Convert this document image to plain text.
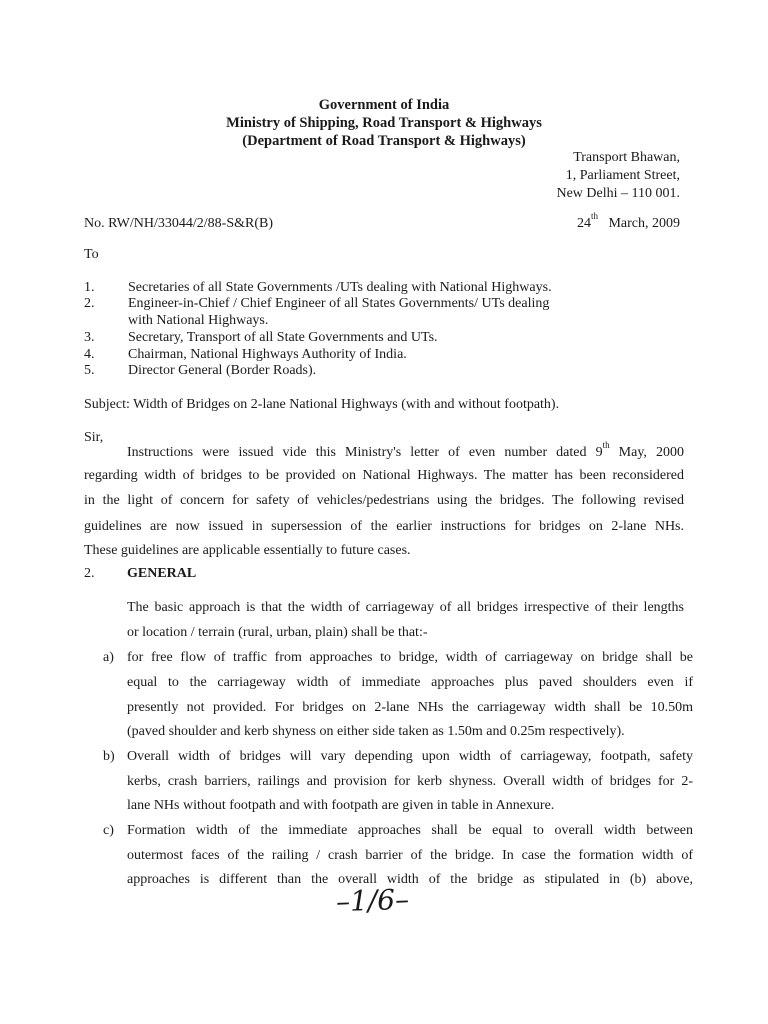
Government of India
Ministry of Shipping, Road Transport & Highways
(Department of Road Transport & Highways)
Transport Bhawan,
1, Parliament Street,
New Delhi – 110 001.
No. RW/NH/33044/2/88-S&R(B)	24th March, 2009
To
1. Secretaries of all State Governments /UTs dealing with National Highways.
2. Engineer-in-Chief / Chief Engineer of all States Governments/ UTs dealing
with National Highways.
3. Secretary, Transport of all State Governments and UTs.
4. Chairman, National Highways Authority of India.
5. Director General (Border Roads).
Subject: Width of Bridges on 2-lane National Highways (with and without footpath).
Sir,
Instructions were issued vide this Ministry's letter of even number dated 9th May, 2000
regarding width of bridges to be provided on National Highways. The matter has been reconsidered
in the light of concern for safety of vehicles/pedestrians using the bridges. The following revised
guidelines are now issued in supersession of the earlier instructions for bridges on 2-lane NHs.
These guidelines are applicable essentially to future cases.
2. GENERAL
The basic approach is that the width of carriageway of all bridges irrespective of their lengths
or location / terrain (rural, urban, plain) shall be that:-
a) for free flow of traffic from approaches to bridge, width of carriageway on bridge shall be
equal to the carriageway width of immediate approaches plus paved shoulders even if
presently not provided. For bridges on 2-lane NHs the carriageway width shall be 10.50m
(paved shoulder and kerb shyness on either side taken as 1.50m and 0.25m respectively).
b) Overall width of bridges will vary depending upon width of carriageway, footpath, safety
kerbs, crash barriers, railings and provision for kerb shyness. Overall width of bridges for 2-
lane NHs without footpath and with footpath are given in table in Annexure.
c) Formation width of the immediate approaches shall be equal to overall width between
outermost faces of the railing / crash barrier of the bridge. In case the formation width of
approaches is different than the overall width of the bridge as stipulated in (b) above,
–1/6–
